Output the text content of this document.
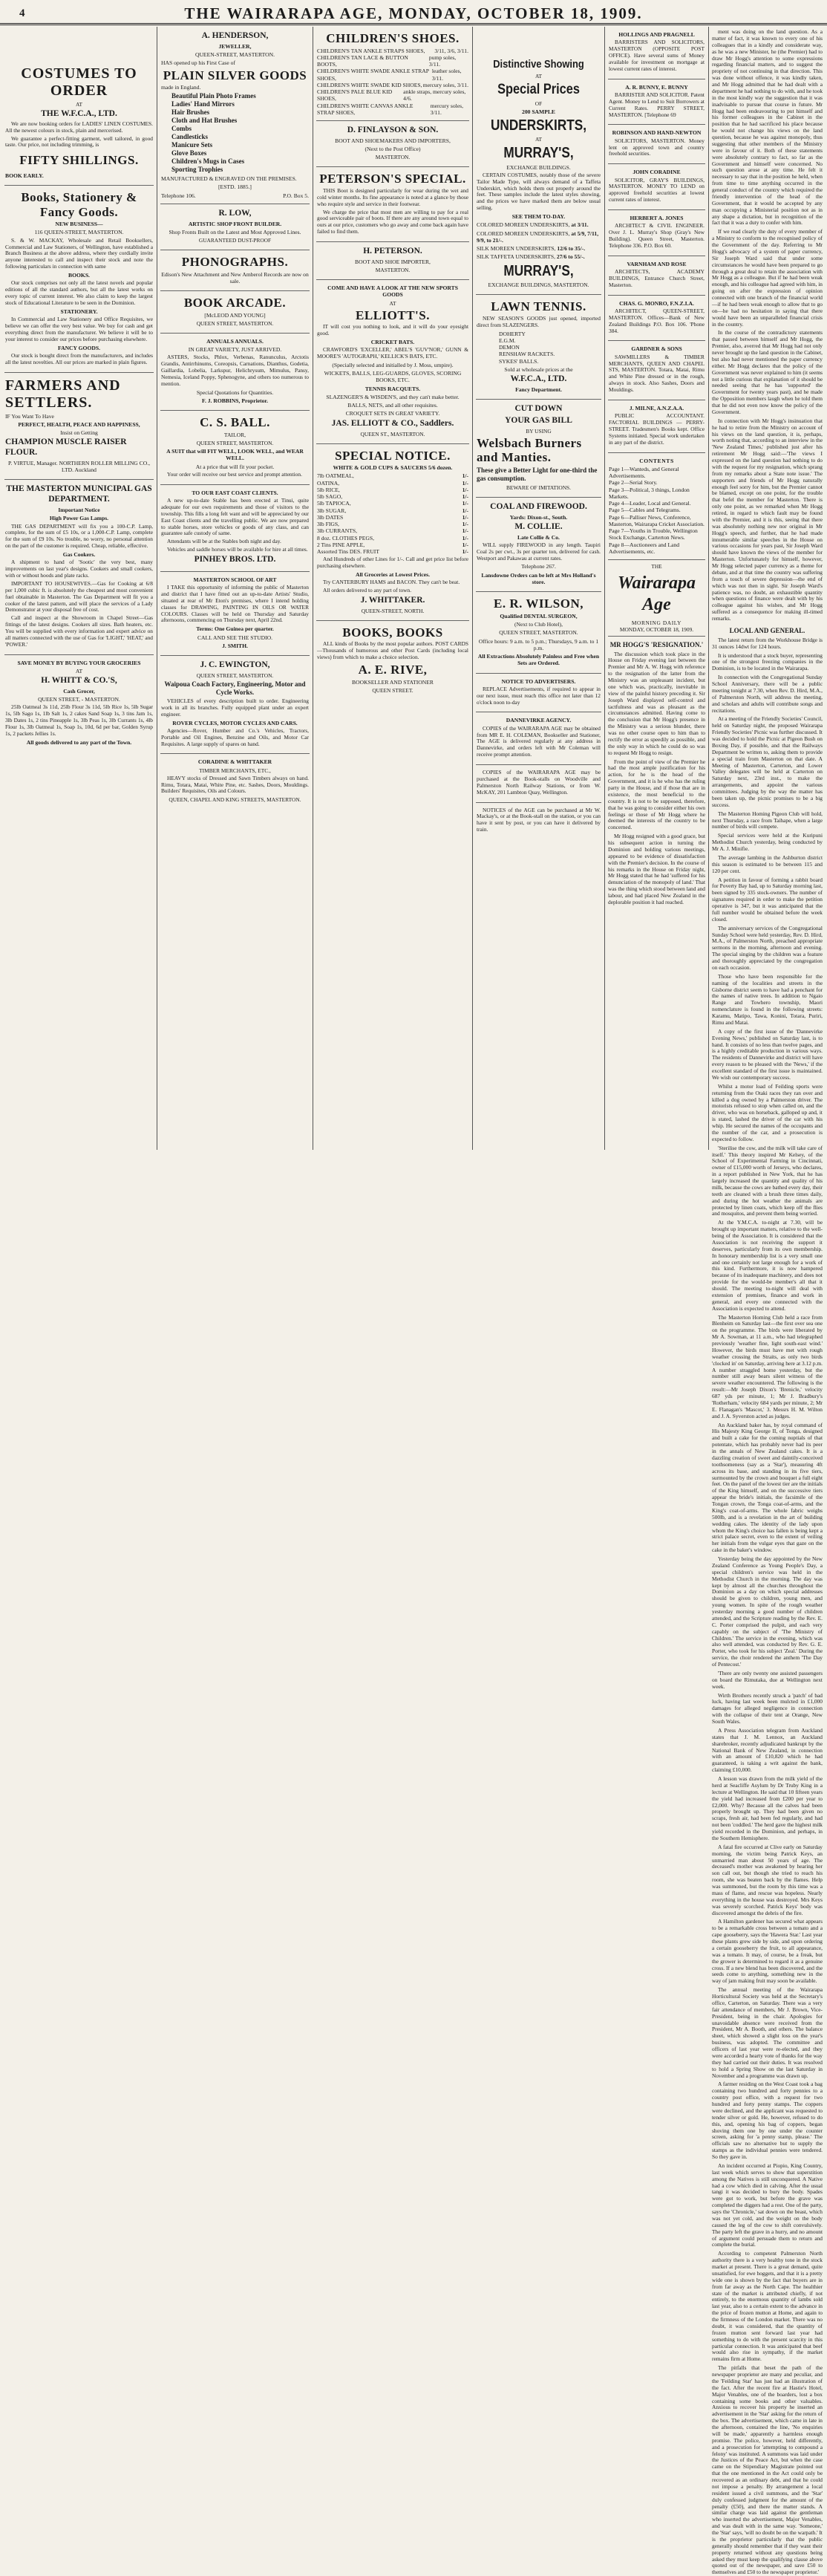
4	THE WAIRARAPA AGE, MONDAY, OCTOBER 18, 1909.

COSTUMES TO ORDER

AT

THE W.F.C.A., LTD.

We are now booking orders for LADIES' LINEN COSTUMES. All the newest colours in stock, plain and mercerised.

We guarantee a perfect-fitting garment, well tailored, in good taste. Our price, not including trimming, is

FIFTY SHILLINGS.

BOOK EARLY.

Books, Stationery & Fancy Goods.

NEW BUSINESS—

116 QUEEN-STREET, MASTERTON.

S. & W. MACKAY, Wholesale and Retail Booksellers, Commercial and Law Stationers, of Wellington, have established a Branch Business at the above address, where they cordially invite anyone interested to call and inspect their stock and note the following particulars in connection with same

BOOKS.

Our stock comprises not only all the latest novels and popular editions of all the standard authors, but all the latest works on every topic of current interest. We also claim to keep the largest stock of Educational Literature to be seen in the Dominion.

STATIONERY.

In Commercial and Law Stationery and Office Requisites, we believe we can offer the very best value. We buy for cash and get everything direct from the manufacturer. We believe it will be to your interest to consider our prices before purchasing elsewhere.

FANCY GOODS.

Our stock is bought direct from the manufacturers, and includes all the latest novelties. All our prices are marked in plain figures.

FARMERS AND SETTLERS.

IF You Want To Have

PERFECT, HEALTH, PEACE AND HAPPINESS,

Insist on Getting

CHAMPION MUSCLE RAISER FLOUR.

P. VIRTUE, Manager. NORTHERN ROLLER MILLING CO., LTD. Auckland

THE MASTERTON MUNICIPAL GAS DEPARTMENT.

Important Notice

High Power Gas Lamps.

THE GAS DEPARTMENT will fix you a 100-C.P. Lamp, complete, for the sum of £5 10s, or a 1,000-C.P. Lamp, complete for the sum of £9 10s. No trouble, no worry, no personal attention on the part of the customer is required. Cheap, reliable, effective.

Gas Cookers.

A shipment to hand of 'Sootic' the very best, many improvements on last year's designs. Cookers and small cookers, with or without hoods and plate racks.

IMPORTANT TO HOUSEWIVES.—Gas for Cooking at 6/8 per 1,000 cubic ft. is absolutely the cheapest and most convenient fuel obtainable in Masterton. The Gas Department will fit you a cooker of the latest pattern, and will place the services of a Lady Demonstrator at your disposal free of cost.

Call and inspect at the Showroom in Chapel Street—Gas fittings of the latest designs. Cookers all sizes. Bath heaters, etc. You will be supplied with every information and expert advice on all matters connected with the use of Gas for 'LIGHT,' 'HEAT,' and 'POWER.'

SAVE MONEY BY BUYING YOUR GROCERIES

AT

H. WHITT & CO.'S,

Cash Grocer,

QUEEN STREET, - MASTERTON.

25lb Oatmeal 3s 11d, 25lb Flour 3s 11d, 5lb Rice 1s, 5lb Sugar 1s, 5lb Sago 1s, 1lb Salt 1s, 2 cakes Sand Soap 1s, 3 tins Jam 1s, 3lb Dates 1s, 2 tins Pineapple 1s, 3lb Peas 1s, 3lb Currants 1s, 4lb Flour 1s, 3lb Oatmeal 1s, Soap 1s, 10d, 6d per bar, Golden Syrup 1s, 2 packets Jellies 1s.

All goods delivered to any part of the Town.

A. HENDERSON,

JEWELLER,

QUEEN-STREET, MASTERTON.

HAS opened up his First Case of

PLAIN SILVER GOODS

made in England.

Beautiful Plain Photo Frames
Ladies' Hand Mirrors
Hair Brushes
Cloth and Hat Brushes
Combs
Candlesticks
Manicure Sets
Glove Boxes
Children's Mugs in Cases
Sporting Trophies

MANUFACTURED & ENGRAVED ON THE PREMISES.

[ESTD. 1885.]

Telephone 106.	P.O. Box 5.

R. LOW,

ARTISTIC SHOP FRONT BUILDER.

Shop Fronts Built on the Latest and Most Approved Lines.

GUARANTEED DUST-PROOF

PHONOGRAPHS.

Edison's New Attachment and New Amberol Records are now on sale.

BOOK ARCADE.

[McLEOD AND YOUNG]

QUEEN STREET, MASTERTON.

ANNUALS ANNUALS.

IN GREAT VARIETY, JUST ARRIVED.

ASTERS, Stocks, Phlox, Verbenas, Ranunculus, Arctotis Grandis, Antirrhinums, Coreopsis, Carnations, Dianthus, Godetia, Gaillardia, Lobelia, Larkspur, Helichrysum, Mimulus, Pansy, Nemesia, Iceland Poppy, Sphenogyne, and others too numerous to mention.

Special Quotations for Quantities.

F. J. ROBBINS, Proprietor.

C. S. BALL.

TAILOR,

QUEEN STREET, MASTERTON.

A SUIT that will FIT WELL, LOOK WELL, and WEAR WELL.

At a price that will fit your pocket.

Your order will receive our best service and prompt attention.

TO OUR EAST COAST CLIENTS.

A new up-to-date Stable has been erected at Tinui, quite adequate for our own requirements and those of visitors to the township. This fills a long felt want and will be appreciated by our East Coast clients and the travelling public. We are now prepared to stable horses, store vehicles or goods of any class, and can guarantee safe custody of same.

Attendants will be at the Stables both night and day.

Vehicles and saddle horses will be available for hire at all times.

PINHEY BROS. LTD.

MASTERTON SCHOOL OF ART

I TAKE this opportunity of informing the public of Masterton and district that I have fitted out an up-to-date Artists' Studio, situated at rear of Mr Eton's premises, where I intend holding classes for DRAWING, PAINTING IN OILS OR WATER COLOURS. Classes will be held on Thursday and Saturday afternoons, commencing on Thursday next, April 22nd.

Terms: One Guinea per quarter.

CALL AND SEE THE STUDIO.

J. SMITH.

J. C. EWINGTON,

QUEEN STREET, MASTERTON.

Waipoua Coach Factory, Engineering, Motor and Cycle Works.

VEHICLES of every description built to order. Engineering work in all its branches. Fully equipped plant under an expert engineer.

ROVER CYCLES, MOTOR CYCLES AND CARS.

Agencies—Rover, Humber and Co.'s Vehicles, Tractors, Portable and Oil Engines, Benzine and Oils, and Motor Car Requisites. A large supply of spares on hand.

CORADINE & WHITTAKER

TIMBER MERCHANTS, ETC.,

HEAVY stocks of Dressed and Sawn Timbers always on hand. Rimu, Totara, Matai, White Pine, etc. Sashes, Doors, Mouldings. Builders' Requisites, Oils and Colours.

QUEEN, CHAPEL AND KING STREETS, MASTERTON.

CHILDREN'S SHOES.

CHILDREN'S TAN ANKLE STRAPS SHOES, 3/11, 3/6, 3/11.
CHILDREN'S TAN LACE & BUTTON BOOTS,
pump soles, 3/11.
CHILDREN'S WHITE SWADE ANKLE STRAP SHOES,
leather soles, 3/11.
CHILDREN'S WHITE SWADE KID SHOES, mercury soles, 3/11.
CHILDREN'S PALE BLUE KID SHOES,
ankle straps, mercury soles, 4/6.
CHILDREN'S WHITE CANVAS ANKLE STRAP SHOES,
mercury soles, 3/11.

D. FINLAYSON & SON.

BOOT AND SHOEMAKERS AND IMPORTERS,

(Next to the Post Office)

MASTERTON.

PETERSON'S SPECIAL.

THIS Boot is designed particularly for wear during the wet and cold winter months. Its fine appearance is noted at a glance by those who require style and service in their footwear.

We charge the price that most men are willing to pay for a real good serviceable pair of boots. If there are any around town equal to ours at our price, customers who go away and come back again have failed to find them.

H. PETERSON.

BOOT AND SHOE IMPORTER,

MASTERTON.

COME AND HAVE A LOOK AT THE NEW SPORTS GOODS

AT

ELLIOTT'S.

IT will cost you nothing to look, and it will do your eyesight good.

CRICKET BATS.

CRAWFORD'S 'EXCELLER,' ABEL'S 'GUV'NOR,' GUNN & MOORE'S 'AUTOGRAPH,' KELLICK'S BATS, ETC.

(Specially selected and initialled by J. Moss, umpire).

WICKETS, BALLS, LEG-GUARDS, GLOVES, SCORING BOOKS, ETC.

TENNIS RACQUETS.

SLAZENGER'S & WISDEN'S, and they can't make better.

BALLS, NETS, and all other requisites.

CROQUET SETS IN GREAT VARIETY.

JAS. ELLIOTT & CO., Saddlers.

QUEEN ST., MASTERTON.

SPECIAL NOTICE.

WHITE & GOLD CUPS & SAUCERS 5/6 dozen.

7lb OATMEAL,	1/-
OATINA,	1/-
5lb RICE,	1/-
5lb SAGO,	1/-
5lb TAPIOCA,	1/-
3lb SUGAR,	1/-
3lb DATES	1/-
3lb FIGS,	1/-
3lb CURRANTS,	1/-
8 doz. CLOTHES PEGS,	1/-
2 Tins PINE APPLE,	1/-
Assorted Tins DES. FRUIT	1/-

And Hundreds of other Lines for 1/-. Call and get price list before purchasing elsewhere.

All Groceries at Lowest Prices.

Try CANTERBURY HAMS and BACON. They can't be beat.

All orders delivered to any part of town.

J. WHITTAKER.

QUEEN-STREET, NORTH.

BOOKS, BOOKS

ALL kinds of Books by the most popular authors. POST CARDS—Thousands of humorous and other Post Cards (including local views) from which to make a choice selection.

A. E. RIVE,

BOOKSELLER AND STATIONER

QUEEN STREET.

Distinctive Showing

AT

Special Prices

OF

200 SAMPLE

UNDERSKIRTS,

AT

MURRAY'S,

EXCHANGE BUILDINGS.

CERTAIN COSTUMES, notably those of the severe Tailor Made Type, will always demand of a Taffeta Underskirt, which holds them out properly around the feet. These samples include the latest styles showing, and the prices we have marked them are below usual selling.

SEE THEM TO-DAY.

COLORED MOREEN UNDERSKIRTS, at 3/11.

COLORED MOREEN UNDERSKIRTS, at 5/9, 7/11, 9/9, to 21/-.

SILK MOREEN UNDERSKIRTS, 12/6 to 35/-.

SILK TAFFETA UNDERSKIRTS, 27/6 to 55/-.

MURRAY'S,

EXCHANGE BUILDINGS, MASTERTON.

LAWN TENNIS.

NEW SEASON'S GOODS just opened, imported direct from SLAZENGERS.

DOHERTY
E.G.M.
DEMON
RENSHAW RACKETS.
SYKES' BALLS.

Sold at wholesale prices at the

W.F.C.A., LTD.

Fancy Department.

CUT DOWN

YOUR GAS BILL

BY USING

Welsbach Burners and Manties.

These give a Better Light for one-third the gas consumption.

BEWARE OF IMITATIONS.

COAL AND FIREWOOD.

Yards: Dixon-st., South.

M. COLLIE.

Late Collie & Co.

WILL supply FIREWOOD in any length. Taupiri Coal 2s per cwt., 3s per quarter ton, delivered for cash. Westport and Pakawau at current rates.

Telephone 267.

Lansdowne Orders can be left at Mrs Holland's store.

E. R. WILSON,

Qualified DENTAL SURGEON,

(Next to Club Hotel),

QUEEN STREET, MASTERTON.

Office hours: 9 a.m. to 5 p.m.; Thursdays, 9 a.m. to 1 p.m.

All Extractions Absolutely Painless and Free when Sets are Ordered.

NOTICE TO ADVERTISERS.

REPLACE Advertisements, if required to appear in our next issue, must reach this office not later than 12 o'clock noon to-day

DANNEVIRKE AGENCY.

COPIES of the WAIRARAPA AGE may be obtained from MR E. H. COLEMAN, Bookseller and Stationer, The AGE is delivered regularly at any address in Dannevirke, and orders left with Mr Coleman will receive prompt attention.

COPIES of the WAIRARAPA AGE may be purchased at the Book-stalls on Woodville and Palmerston North Railway Stations, or from W. McKAY, 201 Lambton Quay, Wellington.

NOTICES of the AGE can be purchased at Mr W. Mackay's, or at the Book-stall on the station, or you can have it sent by post, or you can have it delivered by train.

HOLLINGS AND PRAGNELL

BARRISTERS AND SOLICITORS, MASTERTON (OPPOSITE POST OFFICE). Have several sums of Money available for investment on mortgage at lowest current rates of interest.

A. R. BUNNY, E. BUNNY

BARRISTER AND SOLICITOR. Patent Agent. Money to Lend to Suit Borrowers at Current Rates. PERRY STREET, MASTERTON. [Telephone 69

ROBINSON AND HAND-NEWTON

SOLICITORS, MASTERTON. Money lent on approved town and country freehold securities.

JOHN CORADINE

SOLICITOR, GRAY'S BUILDINGS, MASTERTON. MONEY TO LEND on approved freehold securities at lowest current rates of interest.

HERBERT A. JONES

ARCHITECT & CIVIL ENGINEER. Over J. L. Murray's Shop (Gray's New Building). Queen Street, Masterton. Telephone 336. P.O. Box 60.

VARNHAM AND ROSE

ARCHITECTS, ACADEMY BUILDINGS, Entrance Church Street, Masterton.

CHAS. G. MONRO, F.N.Z.I.A.

ARCHITECT, QUEEN-STREET, MASTERTON. Offices—Bank of New Zealand Buildings P.O. Box 106. 'Phone 384.

GARDNER & SONS

SAWMILLERS & TIMBER MERCHANTS, QUEEN AND CHAPEL STS, MASTERTON. Totara, Matai, Rimu and White Pine dressed or in the rough, always in stock. Also Sashes, Doors and Mouldings.

J. MILNE, A.N.Z.A.A.

PUBLIC ACCOUNTANT. FACTORIAL BUILDINGS — PERRY-STREET. Tradesmen's Books kept. Office Systems initiated. Special work undertaken in any part of the district.

CONTENTS

Page 1—Wanteds, and General Advertisements.
Page 2—Serial Story.
Page 3—Political, 3 things, London Markets.
Page 4—Leader, Local and General.
Page 5—Cables and Telegrams.
Page 6—Palliser News, Conference, Masterton, Wairarapa Cricket Association.
Page 7—Youths in Trouble, Wellington Stock Exchange, Carterton News.
Page 8—Auctioneers and Land Advertisements, etc.

THE

Wairarapa Age

MORNING DAILY

MONDAY, OCTOBER 18, 1909.

MR HOGG'S 'RESIGNATION.'

The discussion which took place in the House on Friday evening last between the Premier and Mr A. W. Hogg with reference to the resignation of the latter from the Ministry was an unpleasant incident, but one which was, practically, inevitable in view of the painful history preceding it. Sir Joseph Ward displayed self-control and tactfulness and was as pleasant as the circumstances admitted. Having come to the conclusion that Mr Hogg's presence in the Ministry was a serious blunder, there was no other course open to him than to rectify the error as speedily as possible, and the only way in which he could do so was to request Mr Hogg to resign.

From the point of view of the Premier he had the most ample justification for his action, for he is the head of the Government, and it is he who has the ruling party in the House, and if those that are in existence, the most beneficial to the country. It is not to be supposed, therefore, that he was going to consider either his own feelings or those of Mr Hogg where he deemed the interests of the country to be concerned.

Mr Hogg resigned with a good grace, but his subsequent action in turning the Dominion and holding various meetings, appeared to be evidence of dissatisfaction with the Premier's decision. In the course of his remarks in the House on Friday night, Mr Hogg stated that he had 'suffered for his denunciation of the monopoly of land.' That was the thing which stood between land and labour, and had placed New Zealand in the deplorable position it had reached.

ment was doing on the land question. As a matter of fact, it was known to every one of his colleagues that in a kindly and considerate way, as he was a new Minister, he (the Premier) had to draw Mr Hogg's attention to some expressions regarding financial matters, and to suggest the propriety of not continuing in that direction. This was done without offence, it was kindly taken, and Mr Hogg admitted that he had dealt with a department he had nothing to do with, and he took in the most kindly way the suggestion that it was inadvisable to pursue that course in future. Mr Hogg had been endeavouring to put himself and his former colleagues in the Cabinet in the position that he had sacrificed his place because he would not change his views on the land question, because he was against monopoly, thus suggesting that other members of the Ministry were in favour of it. Both of these statements were absolutely contrary to fact, so far as the Government and himself were concerned. No such question arose at any time. He felt it necessary to say that in the position he held, when from time to time anything occurred in the general conduct of the country which required the friendly intervention of the head of the Government, that it would be accepted by any man occupying a Ministerial position not as in any shape a dictation, but in recognition of the fact that it was a duty to confer with him.

If we read clearly the duty of every member of a Ministry to conform to the recognised policy of the Government of the day. Referring to Mr Hogg's advocacy of a system of paper currency, Sir Joseph Ward said that under some circumstances he would have been prepared to go through a great deal to retain the association with Mr Hogg as a colleague. But if he had been weak enough, and his colleague had agreed with him, in going on after the expression of opinion connected with one branch of the financial world—if he had been weak enough to allow that to go on—he had no hesitation in saying that there would have been an unparalleled financial crisis in the country.

In the course of the contradictory statements that passed between himself and Mr Hogg, the Premier, also, averred that Mr Hogg had not only never brought up the land question in the Cabinet, but also had never mentioned the paper currency either. Mr Hogg declares that the policy of the Government was never explained to him (it seems not a little curious that explanation of it should be needed seeing that he has 'supported' the Government for twenty years past), and he made the Opposition members laugh when he told them that he did not even now know the policy of the Government.

In connection with Mr Hogg's insinuation that he had to retire from the Ministry on account of his views on the land question, it is, perhaps, worth noting that, according to an interview in the 'New Zealand Times,' published just after his retirement Mr Hogg said:—'The views I expressed on the land question had nothing to do with the request for my resignation, which sprang from my remarks about a State note issue.' The supporters and friends of Mr Hogg naturally enough feel sorry for him, but the Premier cannot be blamed, except on one point, for the trouble that befel the member for Masterton. There is only one point, as we remarked when Mr Hogg retired, in regard to which fault may be found with the Premier, and it is this, seeing that there was absolutely nothing new nor original in Mr Hogg's speech, and further, that he had made innumerable similar speeches in the House on various occasions for years past, Sir Joseph Ward should have known the views of the member for Masterton. Unfortunately for himself, however, Mr Hogg selected paper currency as a theme for debate, and at that time the country was suffering from a touch of severe depression—the end of which was not then in sight. Sir Joseph Ward's patience was, no doubt, an exhaustible quantity when questions of finance were dealt with by his colleague against his wishes, and Mr Hogg suffered as a consequence for making ill-timed remarks.

LOCAL AND GENERAL.

The latest return from the Workhouse Bridge is 31 ounces 14dwt for 124 hours.

It is understood that a stock buyer, representing one of the strongest freezing companies in the Dominion, is to be located in the Wairarapa.

In connection with the Congregational Sunday School Anniversary, there will be a public meeting tonight at 7.30, when Rev. D. Hird, M.A., of Palmerston North, will address the meeting, and scholars and adults will contribute songs and recitations.

At a meeting of the Friendly Societies' Council, held on Saturday night, the proposed Wairarapa Friendly Societies' Picnic was further discussed. It was decided to hold the Picnic at Pigeon Bush on Boxing Day, if possible, and that the Railways Department be written to, asking them to provide a special train from Masterton on that date. A Meeting of Masterton, Carterton, and Lower Valley delegates will be held at Carterton on Saturday next, 23rd inst., to make the arrangements, and appoint the various committees. Judging by the way the matter has been taken up, the picnic promises to be a big success.

The Masterton Homing Pigeon Club will hold, next Thursday, a race from Taihape, when a large number of birds will compete.

Special services were held at the Kuripuni Methodist Church yesterday, being conducted by Mr A. J. Minifie.

The average lambing in the Ashburton district this season is estimated to be between 115 and 120 per cent.

A petition in favour of forming a rabbit board for Poverty Bay had, up to Saturday morning last, been signed by 335 stock-owners. The number of signatures required in order to make the petition operative is 347, but it was anticipated that the full number would be obtained before the week closed.

The anniversary services of the Congregational Sunday School were held yesterday, Rev. D. Hird, M.A., of Palmerston North, preached appropriate sermons in the morning, afternoon and evening. The special singing by the children was a feature and thoroughly appreciated by the congregation on each occasion.

Those who have been responsible for the naming of the localities and streets in the Gisborne district seem to have had a penchant for the names of native trees. In addition to Ngaio Range and Towhero township, Maori nomenclature is found in the following streets: Karamu, Matipo, Tawa, Konini, Totara, Puriri, Rimu and Matai.

A copy of the first issue of the 'Dannevirke Evening News,' published on Saturday last, is to hand. It consists of no less than twelve pages, and is a highly creditable production in various ways. The residents of Dannevirke and district will have every reason to be pleased with the 'News,' if the excellent standard of the first issue is maintained. We wish our contemporary success.

Whilst a motor load of Feilding sports were returning from the Otaki races they ran over and killed a dog owned by a Palmerston driver. The motorists refused to stop when called on, and the driver, who was on horseback, galloped up and, it is stated, lashed the driver of the car with his whip. He secured the names of the occupants and the number of the car, and a prosecution is expected to follow.

'Sterilise the cow, and the milk will take care of itself.' This theory inspired Mr Kelsey, of the School of Experimental Farming in Cincinnati, owner of £15,000 worth of Jerseys, who declares, in a report published in New York, that he has largely increased the quantity and quality of his milk, because the cows are bathed every day, their teeth are cleaned with a brush three times daily, and during the hot weather the animals are protected by linen coats, which keep off the flies and mosquitos, and prevent them being worried.

At the Y.M.C.A. to-night at 7.30, will be brought up important matters, relative to the well-being of the Association. It is considered that the Association is not receiving the support it deserves, particularly from its own membership. In honorary membership list is a very small one and one certainly not large enough for a work of this kind. Furthermore, it is now hampered because of its inadequate machinery, and does not provide for the would-be member's all that it should. The meeting to-night will deal with extension of premises, finance and work in general, and every one connected with the Association is expected to attend.

The Masterton Homing Club held a race from Blenheim on Saturday last—the first over sea one on the programme. The birds were liberated by Mr A. Sowman, at 11 a.m., who had telegraphed previously 'weather fine, light south-east wind.' However, the birds must have met with rough weather crossing the Straits, as only two birds 'clocked in' on Saturday, arriving here at 3.12 p.m. A number straggled home yesterday, but the number still away bears silent witness of the severe weather encountered. The following is the result:—Mr Joseph Dixon's 'Brenicle,' velocity 687 yds per minute, 1; Mr J. Bradbury's 'Rotherham,' velocity 684 yards per minute, 2; Mr E. Flanagan's 'Mascot,' 3. Messrs H. M. Wilton and J. A. Syverston acted as judges.

An Auckland baker has, by royal command of His Majesty King George II, of Tonga, designed and built a cake for the coming nuptials of that potentate, which has probably never had its peer in the annals of New Zealand cakes. It is a dazzling creation of sweet and daintily-conceived toothsomeness (say as a 'Star'), measuring 4ft across its base, and standing in its five tiers, surmounted by the crown and bouquet a full eight feet. On the panel of the lowest tier are the initials of the King himself, and on the successive tiers appear the bride's initials, the facsimile of the Tongan crown, the Tonga coat-of-arms, and the King's coat-of-arms. The whole fabric weighs 500lb, and is a revelation in the art of building wedding cakes. The identity of the lady upon whom the King's choice has fallen is being kept a strict palace secret, even to the extent of veiling her initials from the vulgar eyes that gaze on the cake in the baker's window.

Yesterday being the day appointed by the New Zealand Conference as Young People's Day, a special children's service was held in the Methodist Church in the morning. The day was kept by almost all the churches throughout the Dominion as a day on which special addresses should be given to children, young men, and young women. In spite of the rough weather yesterday morning a good number of children attended, and the Scripture reading by the Rev. E. C. Porter comprised the pulpit, and each very capably on the subject of 'The Ministry of Children.' The service in the evening, which was also well attended, was conducted by Rev. G. E. Porter, who took for his subject 'Zeal.' During the service, the choir rendered the anthem 'The Day of Pentecost.'

'There are only twenty one assisted passengers on board the Rimutaka, due at Wellington next week.

Wirth Brothers recently struck a 'patch' of bad luck, having last week been mulcted in £1,000 damages for alleged negligence in connection with the collapse of their tent at Orange, New South Wales.

A Press Association telegram from Auckland states that J. M. Lennox, an Auckland sharebroker, recently adjudicated bankrupt by the National Bank of New Zealand, in connection with an amount of £10,820 which he had guaranteed, is taking a writ against the bank, claiming £10,000.

A lesson was drawn from the milk yield of the herd at Seacliffe Asylum by Dr Truby King in a lecture at Wellington. He said that 10 fifteen years the yield had increased from £200 per year to £2,000. Why? Because all the calves had been properly brought up. They had been given no scraps, fresh air, had been fed regularly, and had not been 'coddled.' The herd gave the highest milk yield recorded in the Dominion, and perhaps, in the Southern Hemisphere.

A fatal fire occurred at Clive early on Saturday morning, the victim being Patrick Keys, an unmarried man about 50 years of age. The deceased's mother was awakened by hearing her son call out, but though she tried to reach his room, she was beaten back by the flames. Help was summoned, but the room by this time was a mass of flame, and rescue was hopeless. Nearly everything in the house was destroyed. Mrs Keys was severely scorched. Patrick Keys' body was discovered amongst the debris of the fire.

A Hamilton gardener has secured what appears to be a remarkable cross between a tomato and a cape gooseberry, says the 'Hawera Star.' Last year these plants grew side by side, and upon ordering a certain gooseberry the fruit, to all appearance, was a tomato. It may, of course, be a freak, but the grower is determined to regard it as a genuine cross. If a new blend has been discovered, and the seeds come to anything, something new in the way of jam making fruit may soon be available.

The annual meeting of the Wairarapa Horticultural Society was held at the Secretary's office, Carterton, on Saturday. There was a very fair attendance of members, Mr J. Brown, Vice-President, being in the chair. Apologies for unavoidable absence were received from the President, Mr A. Booth, and others. The balance sheet, which showed a slight loss on the year's business, was adopted. The committee and officers of last year were re-elected, and they were accorded a hearty vote of thanks for the way they had carried out their duties. It was resolved to hold a Spring Show on the last Saturday in November and a programme was drawn up.

A farmer residing on the West Coast took a bag containing two hundred and forty pennies to a country post office, with a request for two hundred and forty penny stamps. The coppers were declined, and the applicant was requested to tender silver or gold. He, however, refused to do this, and, opening his bag of coppers, began shoving them one by one under the counter screen, asking for 'a penny stamp, please.' The officials saw no alternative but to supply the stamps as the individual pennies were tendered. So they gave in.

An incident occurred at Piopio, King Country, last week which serves to show that superstition among the Natives is still unconquered. A Native had a cow which died in calving. After the usual tangi it was decided to bury the body. Spades were got to work, but before the grave was completed the diggers had a rest. One of the party, says the 'Chronicle,' sat down on the beast, which was not yet cold, and the weight on the body caused the leg of the cow to shift convulsively. The party left the grave in a hurry, and no amount of argument could persuade them to return and complete the burial.

According to competent Palmerston North authority there is a very healthy tone in the stock market at present. There is a great demand, quite unsatisfied, for ewe hoggets, and that it is a pretty wide one is shown by the fact that buyers are in from far away as the North Cape. The healthier state of the market is attributed chiefly, if not entirely, to the enormous quantity of lambs sold last year, also to a certain extent to the advance in the price of frozen mutton at Home, and again to the firmness of the London market. There was no doubt, it was considered, that the quantity of frozen mutton sent forward last year had something to do with the present scarcity in this particular connection. It was anticipated that beef would also rise in sympathy, if the market remains firm at Home.

The pitfalls that beset the path of the newspaper proprietor are many and peculiar, and the 'Feilding Star' has just had an illustration of the fact. After the recent fire at Hastie's Hotel, Major Venables, one of the boarders, lost a box containing some books and other valuables. Anxious to recover his property he inserted an advertisement in the 'Star' asking for the return of the box. The advertisement, which came in late in the afternoon, contained the line, 'No enquiries will be made,' apparently a harmless enough promise. The police, however, held differently, and a prosecution for 'attempting to compound a felony' was instituted. A summons was laid under the Justices of the Peace Act, but when the case came on the Stipendiary Magistrate pointed out that the one mentioned in the Act could only be recovered as an ordinary debt, and that he could not impose a penalty. By arrangement a local resident issued a civil summons, and the 'Star' duly confessed judgment for the amount of the penalty (£50), and there the matter stands. A similar charge was laid against the gentleman who inserted the advertisement, Major Venables, and was dealt with in the same way. 'Someone,' the 'Star' says, 'will no doubt be on the warpath.' It is the proprietor particularly that the public generally should remember that if they want their property returned without any questions being asked they must keep the qualifying clause above quoted out of the newspaper, and save £50 to themselves and £50 to the newspaper proprietor.'
